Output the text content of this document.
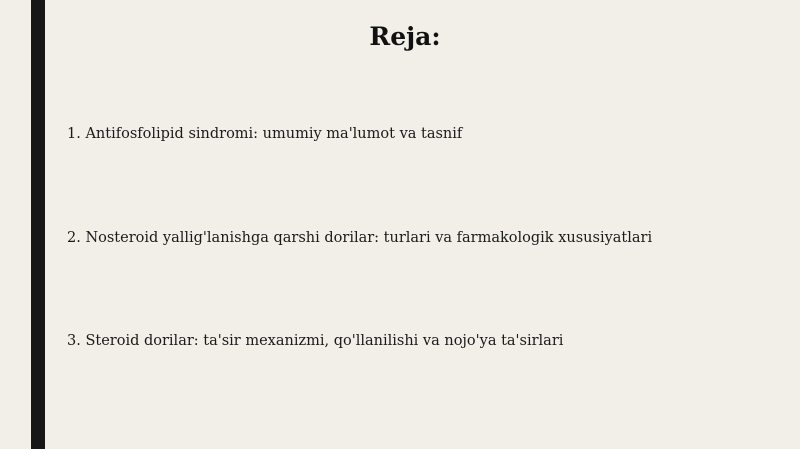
Reja:

1. Antifosfolipid sindromi: umumiy ma'lumot va tasnif

2. Nosteroid yallig'lanishga qarshi dorilar: turlari va farmakologik xususiyatlari

3. Steroid dorilar: ta'sir mexanizmi, qo'llanilishi va nojo'ya ta'sirlari
